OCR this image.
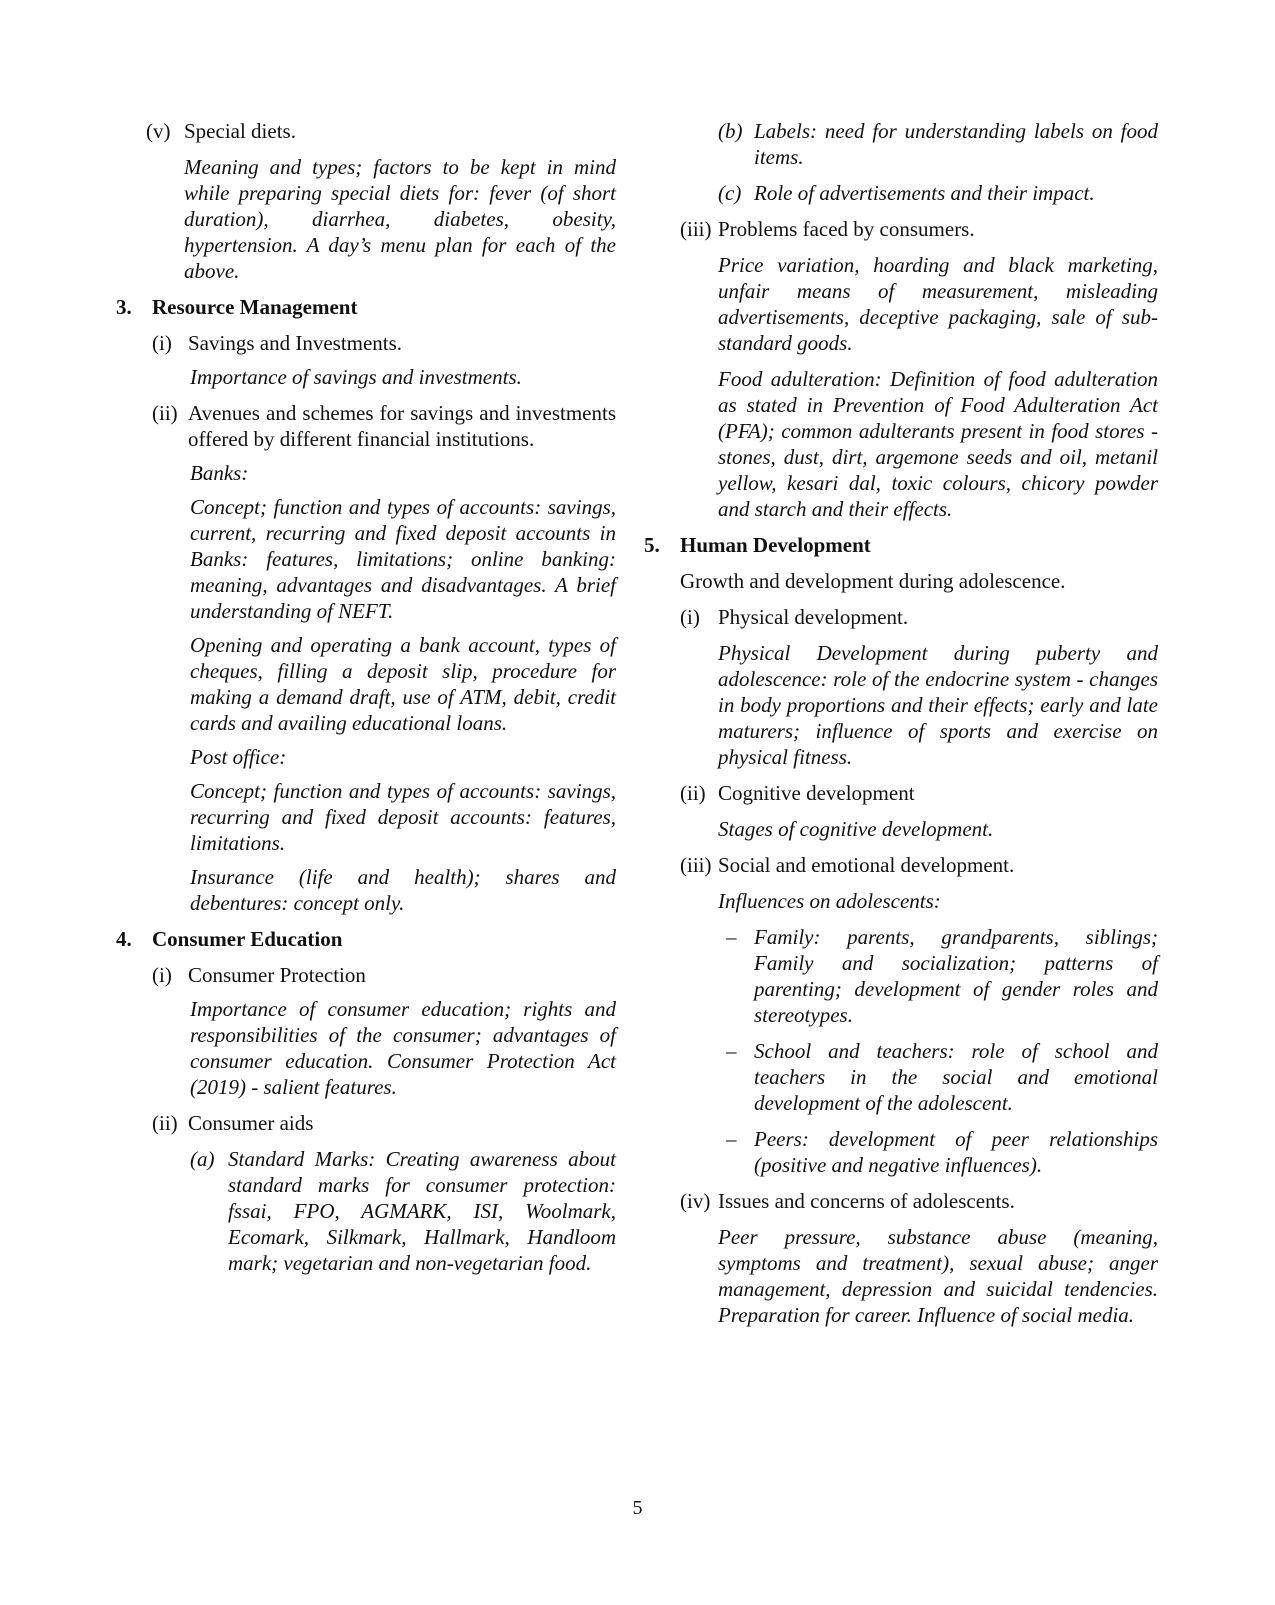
(v) Special diets.
Meaning and types; factors to be kept in mind while preparing special diets for: fever (of short duration), diarrhea, diabetes, obesity, hypertension. A day’s menu plan for each of the above.
3. Resource Management
(i) Savings and Investments.
Importance of savings and investments.
(ii) Avenues and schemes for savings and investments offered by different financial institutions.
Banks:
Concept; function and types of accounts: savings, current, recurring and fixed deposit accounts in Banks: features, limitations; online banking: meaning, advantages and disadvantages. A brief understanding of NEFT.
Opening and operating a bank account, types of cheques, filling a deposit slip, procedure for making a demand draft, use of ATM, debit, credit cards and availing educational loans.
Post office:
Concept; function and types of accounts: savings, recurring and fixed deposit accounts: features, limitations.
Insurance (life and health); shares and debentures: concept only.
4. Consumer Education
(i) Consumer Protection
Importance of consumer education; rights and responsibilities of the consumer; advantages of consumer education. Consumer Protection Act (2019) - salient features.
(ii) Consumer aids
(a) Standard Marks: Creating awareness about standard marks for consumer protection: fssai, FPO, AGMARK, ISI, Woolmark, Ecomark, Silkmark, Hallmark, Handloom mark; vegetarian and non-vegetarian food.
(b) Labels: need for understanding labels on food items.
(c) Role of advertisements and their impact.
(iii) Problems faced by consumers.
Price variation, hoarding and black marketing, unfair means of measurement, misleading advertisements, deceptive packaging, sale of sub-standard goods.
Food adulteration: Definition of food adulteration as stated in Prevention of Food Adulteration Act (PFA); common adulterants present in food stores - stones, dust, dirt, argemone seeds and oil, metanil yellow, kesari dal, toxic colours, chicory powder and starch and their effects.
5. Human Development
Growth and development during adolescence.
(i) Physical development.
Physical Development during puberty and adolescence: role of the endocrine system - changes in body proportions and their effects; early and late maturers; influence of sports and exercise on physical fitness.
(ii) Cognitive development
Stages of cognitive development.
(iii) Social and emotional development.
Influences on adolescents:
– Family: parents, grandparents, siblings; Family and socialization; patterns of parenting; development of gender roles and stereotypes.
– School and teachers: role of school and teachers in the social and emotional development of the adolescent.
– Peers: development of peer relationships (positive and negative influences).
(iv) Issues and concerns of adolescents.
Peer pressure, substance abuse (meaning, symptoms and treatment), sexual abuse; anger management, depression and suicidal tendencies. Preparation for career. Influence of social media.
5
